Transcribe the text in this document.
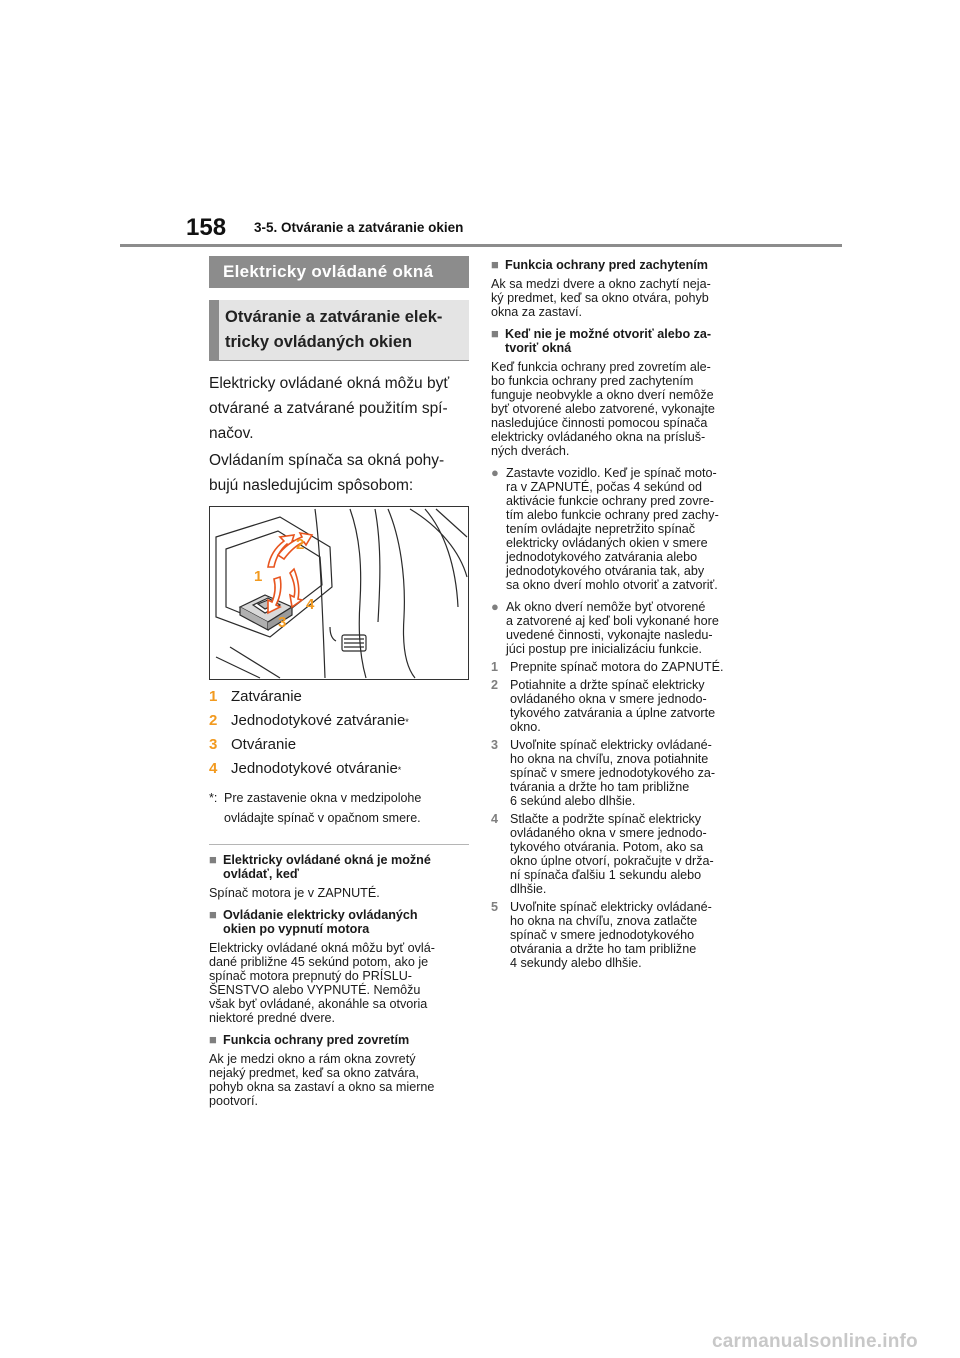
158 3-5. Otváranie a zatváranie okien
Elektricky ovládané okná
Otváranie a zatváranie elek-
tricky ovládaných okien

Elektricky ovládané okná môžu byť
otvárané a zatvárané použitím spí-
načov.

Ovládaním spínača sa okná pohy-
bujú nasledujúcim spôsobom:

1
2
3
4
1 Zatváranie
2 Jednodotykové zatváranie *
3 Otváranie
4 Jednodotykové otváranie *
*: Pre zastavenie okna v medzipolohe
ovládajte spínač v opačnom smere.
■ Elektricky ovládané okná je možné
ovládať, keď
Spínač motora je v ZAPNUTÉ.
■ Ovládanie elektricky ovládaných
okien po vypnutí motora
Elektricky ovládané okná môžu byť ovlá-
dané približne 45 sekúnd potom, ako je
spínač motora prepnutý do PRÍSLU-
ŠENSTVO alebo VYPNUTÉ. Nemôžu
však byť ovládané, akonáhle sa otvoria
niektoré predné dvere.
■ Funkcia ochrany pred zovretím
Ak je medzi okno a rám okna zovretý
nejaký predmet, keď sa okno zatvára,
pohyb okna sa zastaví a okno sa mierne
pootvorí.
■ Funkcia ochrany pred zachytením
Ak sa medzi dvere a okno zachytí neja-
ký predmet, keď sa okno otvára, pohyb
okna za zastaví.
■ Keď nie je možné otvoriť alebo za-
tvoriť okná
Keď funkcia ochrany pred zovretím ale-
bo funkcia ochrany pred zachytením
funguje neobvykle a okno dverí nemôže
byť otvorené alebo zatvorené, vykonajte
nasledujúce činnosti pomocou spínača
elektricky ovládaného okna na prísluš-
ných dverách.
● Zastavte vozidlo. Keď je spínač moto-
ra v ZAPNUTÉ, počas 4 sekúnd od
aktivácie funkcie ochrany pred zovre-
tím alebo funkcie ochrany pred zachy-
tením ovládajte nepretržito spínač
elektricky ovládaných okien v smere
jednodotykového zatvárania alebo
jednodotykového otvárania tak, aby
sa okno dverí mohlo otvoriť a zatvoriť.
● Ak okno dverí nemôže byť otvorené
a zatvorené aj keď boli vykonané hore
uvedené činnosti, vykonajte nasledu-
júci postup pre inicializáciu funkcie.
1 Prepnite spínač motora do ZAPNUTÉ.
2 Potiahnite a držte spínač elektricky
ovládaného okna v smere jednodo-
tykového zatvárania a úplne zatvorte
okno.
3 Uvoľnite spínač elektricky ovládané-
ho okna na chvíľu, znova potiahnite
spínač v smere jednodotykového za-
tvárania a držte ho tam približne
6 sekúnd alebo dlhšie.
4 Stlačte a podržte spínač elektricky
ovládaného okna v smere jednodo-
tykového otvárania. Potom, ako sa
okno úplne otvorí, pokračujte v drža-
ní spínača ďalšiu 1 sekundu alebo
dlhšie.
5 Uvoľnite spínač elektricky ovládané-
ho okna na chvíľu, znova zatlačte
spínač v smere jednodotykového
otvárania a držte ho tam približne
4 sekundy alebo dlhšie.
carmanualsonline.info
